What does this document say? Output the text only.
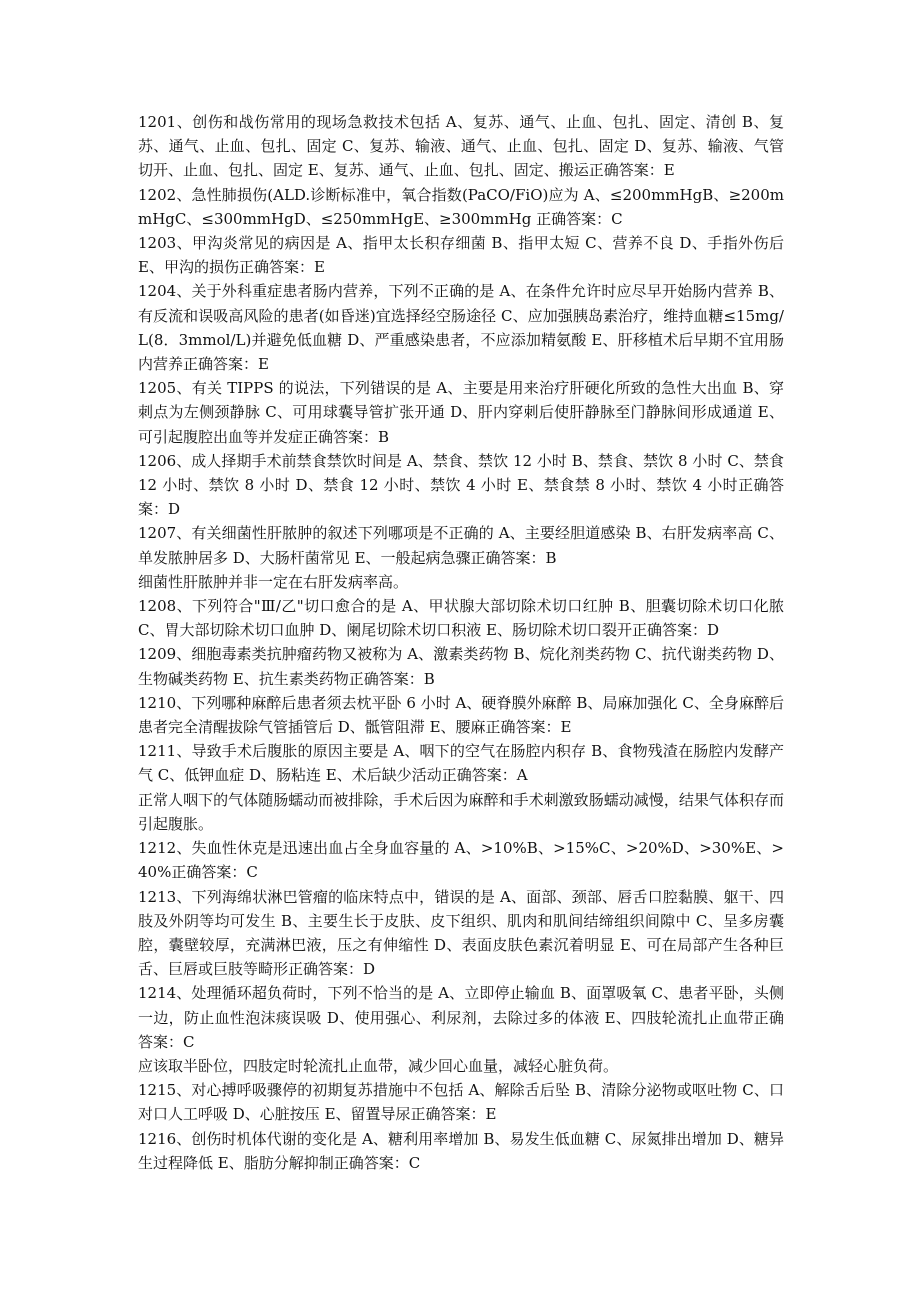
1201、创伤和战伤常用的现场急救技术包括 A、复苏、通气、止血、包扎、固定、清创 B、复苏、通气、止血、包扎、固定 C、复苏、输液、通气、止血、包扎、固定 D、复苏、输液、气管切开、止血、包扎、固定 E、复苏、通气、止血、包扎、固定、搬运正确答案：E

1202、急性肺损伤(ALD.诊断标准中，氧合指数(PaCO/FiO)应为 A、≤200mmHgB、≥200mmHgC、≤300mmHgD、≤250mmHgE、≥300mmHg 正确答案：C

1203、甲沟炎常见的病因是 A、指甲太长积存细菌 B、指甲太短 C、营养不良 D、手指外伤后 E、甲沟的损伤正确答案：E

1204、关于外科重症患者肠内营养，下列不正确的是 A、在条件允许时应尽早开始肠内营养 B、有反流和误吸高风险的患者(如昏迷)宜选择经空肠途径 C、应加强胰岛素治疗，维持血糖≤15mg/L(8．3mmol/L)并避免低血糖 D、严重感染患者，不应添加精氨酸 E、肝移植术后早期不宜用肠内营养正确答案：E

1205、有关 TIPPS 的说法，下列错误的是 A、主要是用来治疗肝硬化所致的急性大出血 B、穿刺点为左侧颈静脉 C、可用球囊导管扩张开通 D、肝内穿刺后使肝静脉至门静脉间形成通道 E、可引起腹腔出血等并发症正确答案：B

1206、成人择期手术前禁食禁饮时间是 A、禁食、禁饮 12 小时 B、禁食、禁饮 8 小时 C、禁食 12 小时、禁饮 8 小时 D、禁食 12 小时、禁饮 4 小时 E、禁食禁 8 小时、禁饮 4 小时正确答案：D

1207、有关细菌性肝脓肿的叙述下列哪项是不正确的 A、主要经胆道感染 B、右肝发病率高 C、单发脓肿居多 D、大肠杆菌常见 E、一般起病急骤正确答案：B

细菌性肝脓肿并非一定在右肝发病率高。

1208、下列符合"Ⅲ/乙"切口愈合的是 A、甲状腺大部切除术切口红肿 B、胆囊切除术切口化脓 C、胃大部切除术切口血肿 D、阑尾切除术切口积液 E、肠切除术切口裂开正确答案：D

1209、细胞毒素类抗肿瘤药物又被称为 A、激素类药物 B、烷化剂类药物 C、抗代谢类药物 D、生物碱类药物 E、抗生素类药物正确答案：B

1210、下列哪种麻醉后患者须去枕平卧 6 小时 A、硬脊膜外麻醉 B、局麻加强化 C、全身麻醉后患者完全清醒拔除气管插管后 D、骶管阻滞 E、腰麻正确答案：E

1211、导致手术后腹胀的原因主要是 A、咽下的空气在肠腔内积存 B、食物残渣在肠腔内发酵产气 C、低钾血症 D、肠粘连 E、术后缺少活动正确答案：A

正常人咽下的气体随肠蠕动而被排除，手术后因为麻醉和手术刺激致肠蠕动减慢，结果气体积存而引起腹胀。

1212、失血性休克是迅速出血占全身血容量的 A、>10%B、>15%C、>20%D、>30%E、>40%正确答案：C

1213、下列海绵状淋巴管瘤的临床特点中，错误的是 A、面部、颈部、唇舌口腔黏膜、躯干、四肢及外阴等均可发生 B、主要生长于皮肤、皮下组织、肌肉和肌间结缔组织间隙中 C、呈多房囊腔，囊壁较厚，充满淋巴液，压之有伸缩性 D、表面皮肤色素沉着明显 E、可在局部产生各种巨舌、巨唇或巨肢等畸形正确答案：D

1214、处理循环超负荷时，下列不恰当的是 A、立即停止输血 B、面罩吸氧 C、患者平卧，头侧一边，防止血性泡沫痰误吸 D、使用强心、利尿剂，去除过多的体液 E、四肢轮流扎止血带正确答案：C

应该取半卧位，四肢定时轮流扎止血带，减少回心血量，减轻心脏负荷。

1215、对心搏呼吸骤停的初期复苏措施中不包括 A、解除舌后坠 B、清除分泌物或呕吐物 C、口对口人工呼吸 D、心脏按压 E、留置导尿正确答案：E

1216、创伤时机体代谢的变化是 A、糖利用率增加 B、易发生低血糖 C、尿氮排出增加 D、糖异生过程降低 E、脂肪分解抑制正确答案：C
